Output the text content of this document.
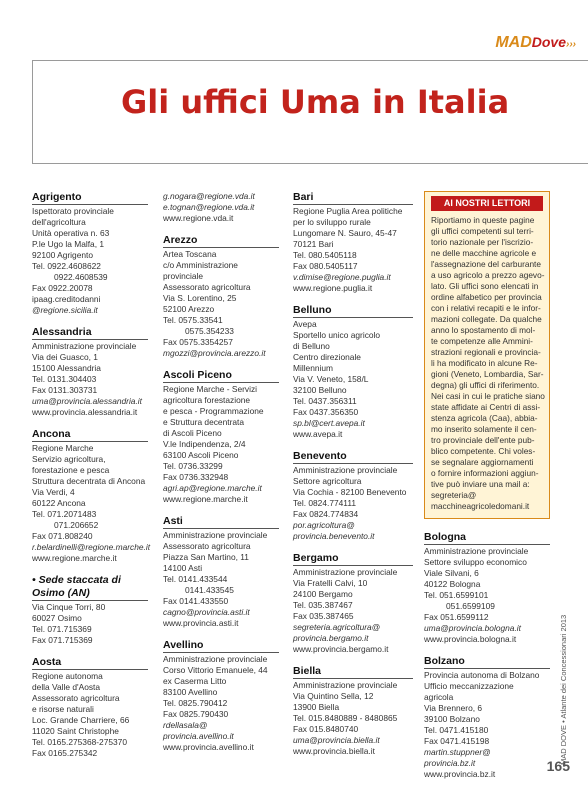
MADDove›››
Gli uffici Uma in Italia
Agrigento
Ispettorato provinciale
dell'agricoltura
Unità operativa n. 63
P.le Ugo la Malfa, 1
92100 Agrigento
Tel. 0922.4608622
0922.4608539
Fax 0922.20078
ipaag.creditodanni
@regione.sicilia.it
Alessandria
Amministrazione provinciale
Via dei Guasco, 1
15100 Alessandria
Tel. 0131.304403
Fax 0131.303731
uma@provincia.alessandria.it
www.provincia.alessandria.it
Ancona
Regione Marche
Servizio agricoltura,
forestazione e pesca
Struttura decentrata di Ancona
Via Verdi, 4
60122 Ancona
Tel. 071.2071483
071.206652
Fax 071.808240
r.belardinelli@regione.marche.it
www.regione.marche.it
• Sede staccata di Osimo (AN)
Via Cinque Torri, 80
60027 Osimo
Tel. 071.715369
Fax 071.715369
Aosta
Regione autonoma
della Valle d'Aosta
Assessorato agricoltura
e risorse naturali
Loc. Grande Charriere, 66
11020 Saint Christophe
Tel. 0165.275368-275370
Fax 0165.275342
g.nogara@regione.vda.it
e.tognan@regione.vda.it
www.regione.vda.it
Arezzo
Artea Toscana
c/o Amministrazione
provinciale
Assessorato agricoltura
Via S. Lorentino, 25
52100 Arezzo
Tel. 0575.33541
0575.354233
Fax 0575.3354257
mgozzi@provincia.arezzo.it
Ascoli Piceno
Regione Marche - Servizi
agricoltura forestazione
e pesca - Programmazione
e Struttura decentrata
di Ascoli Piceno
V.le Indipendenza, 2/4
63100 Ascoli Piceno
Tel. 0736.33299
Fax 0736.332948
agri.ap@regione.marche.it
www.regione.marche.it
Asti
Amministrazione provinciale
Assessorato agricoltura
Piazza San Martino, 11
14100 Asti
Tel. 0141.433544
0141.433545
Fax 0141.433550
cagno@provincia.asti.it
www.provincia.asti.it
Avellino
Amministrazione provinciale
Corso Vittorio Emanuele, 44
ex Caserma Litto
83100 Avellino
Tel. 0825.790412
Fax 0825.790430
rdellasala@
provincia.avellino.it
www.provincia.avellino.it
Bari
Regione Puglia Area politiche
per lo sviluppo rurale
Lungomare N. Sauro, 45-47
70121 Bari
Tel. 080.5405118
Fax 080.5405117
v.dimise@regione.puglia.it
www.regione.puglia.it
Belluno
Avepa
Sportello unico agricolo
di Belluno
Centro direzionale
Millennium
Via V. Veneto, 158/L
32100 Belluno
Tel. 0437.356311
Fax 0437.356350
sp.bl@cert.avepa.it
www.avepa.it
Benevento
Amministrazione provinciale
Settore agricoltura
Via Cochia - 82100 Benevento
Tel. 0824.774111
Fax 0824.774834
por.agricoltura@
provincia.benevento.it
Bergamo
Amministrazione provinciale
Via Fratelli Calvi, 10
24100 Bergamo
Tel. 035.387467
Fax 035.387465
segreteria.agricoltura@
provincia.bergamo.it
www.provincia.bergamo.it
Biella
Amministrazione provinciale
Via Quintino Sella, 12
13900 Biella
Tel. 015.8480889 - 8480865
Fax 015.8480740
uma@provincia.biella.it
www.provincia.biella.it
AI NOSTRI LETTORI
Riportiamo in queste pagine
gli uffici competenti sul terri-
torio nazionale per l'iscrizio-
ne delle macchine agricole e
l'assegnazione del carburante
a uso agricolo a prezzo agevo-
lato. Gli uffici sono elencati in
ordine alfabetico per provincia
con i relativi recapiti e le infor-
mazioni collegate. Da qualche
anno lo spostamento di mol-
te competenze alle Ammini-
strazioni regionali e provincia-
li ha modificato in alcune Re-
gioni (Veneto, Lombardia, Sar-
degna) gli uffici di riferimento.
Nei casi in cui le pratiche siano
state affidate ai Centri di assi-
stenza agricola (Caa), abbia-
mo inserito solamente il cen-
tro provinciale dell'ente pub-
blico competente. Chi voles-
se segnalare aggiornamenti
o fornire informazioni aggiun-
tive può inviare una mail a:
segreteria@
macchineagricoledomani.it
Bologna
Amministrazione provinciale
Settore sviluppo economico
Viale Silvani, 6
40122 Bologna
Tel. 051.6599101
051.6599109
Fax 051.6599112
uma@provincia.bologna.it
www.provincia.bologna.it
Bolzano
Provincia autonoma di Bolzano
Ufficio meccanizzazione
agricola
Via Brennero, 6
39100 Bolzano
Tel. 0471.415180
Fax 0471.415198
martin.stuppner@
provincia.bz.it
www.provincia.bz.it
MAD DOVE • Atlante dei Concessionari 2013
165
